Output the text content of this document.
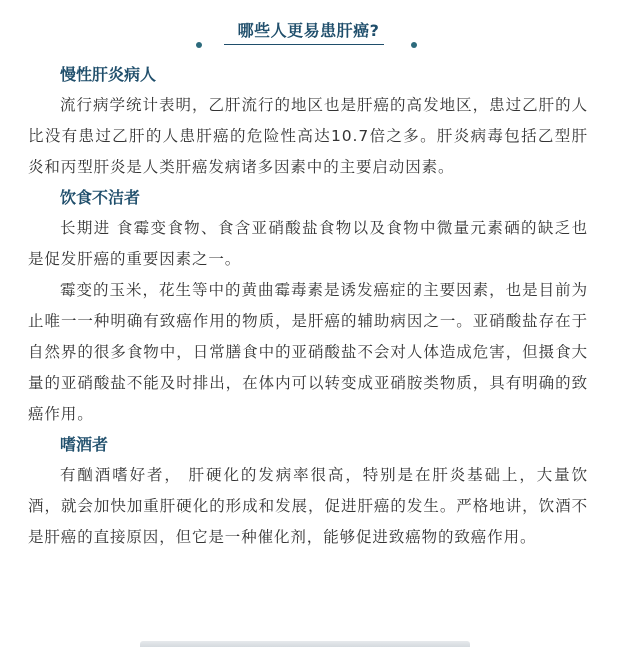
哪些人更易患肝癌?
慢性肝炎病人

流行病学统计表明，乙肝流行的地区也是肝癌的高发地区，患过乙肝的人比没有患过乙肝的人患肝癌的危险性高达10.7倍之多。肝炎病毒包括乙型肝炎和丙型肝炎是人类肝癌发病诸多因素中的主要启动因素。

饮食不洁者

长期进 食霉变食物、食含亚硝酸盐食物以及食物中微量元素硒的缺乏也是促发肝癌的重要因素之一。

霉变的玉米，花生等中的黄曲霉毒素是诱发癌症的主要因素，也是目前为止唯一一种明确有致癌作用的物质，是肝癌的辅助病因之一。亚硝酸盐存在于自然界的很多食物中，日常膳食中的亚硝酸盐不会对人体造成危害，但摄食大量的亚硝酸盐不能及时排出，在体内可以转变成亚硝胺类物质，具有明确的致癌作用。

嗜酒者

有酗酒嗜好者， 肝硬化的发病率很高，特别是在肝炎基础上，大量饮酒，就会加快加重肝硬化的形成和发展，促进肝癌的发生。严格地讲，饮酒不是肝癌的直接原因，但它是一种催化剂，能够促进致癌物的致癌作用。
